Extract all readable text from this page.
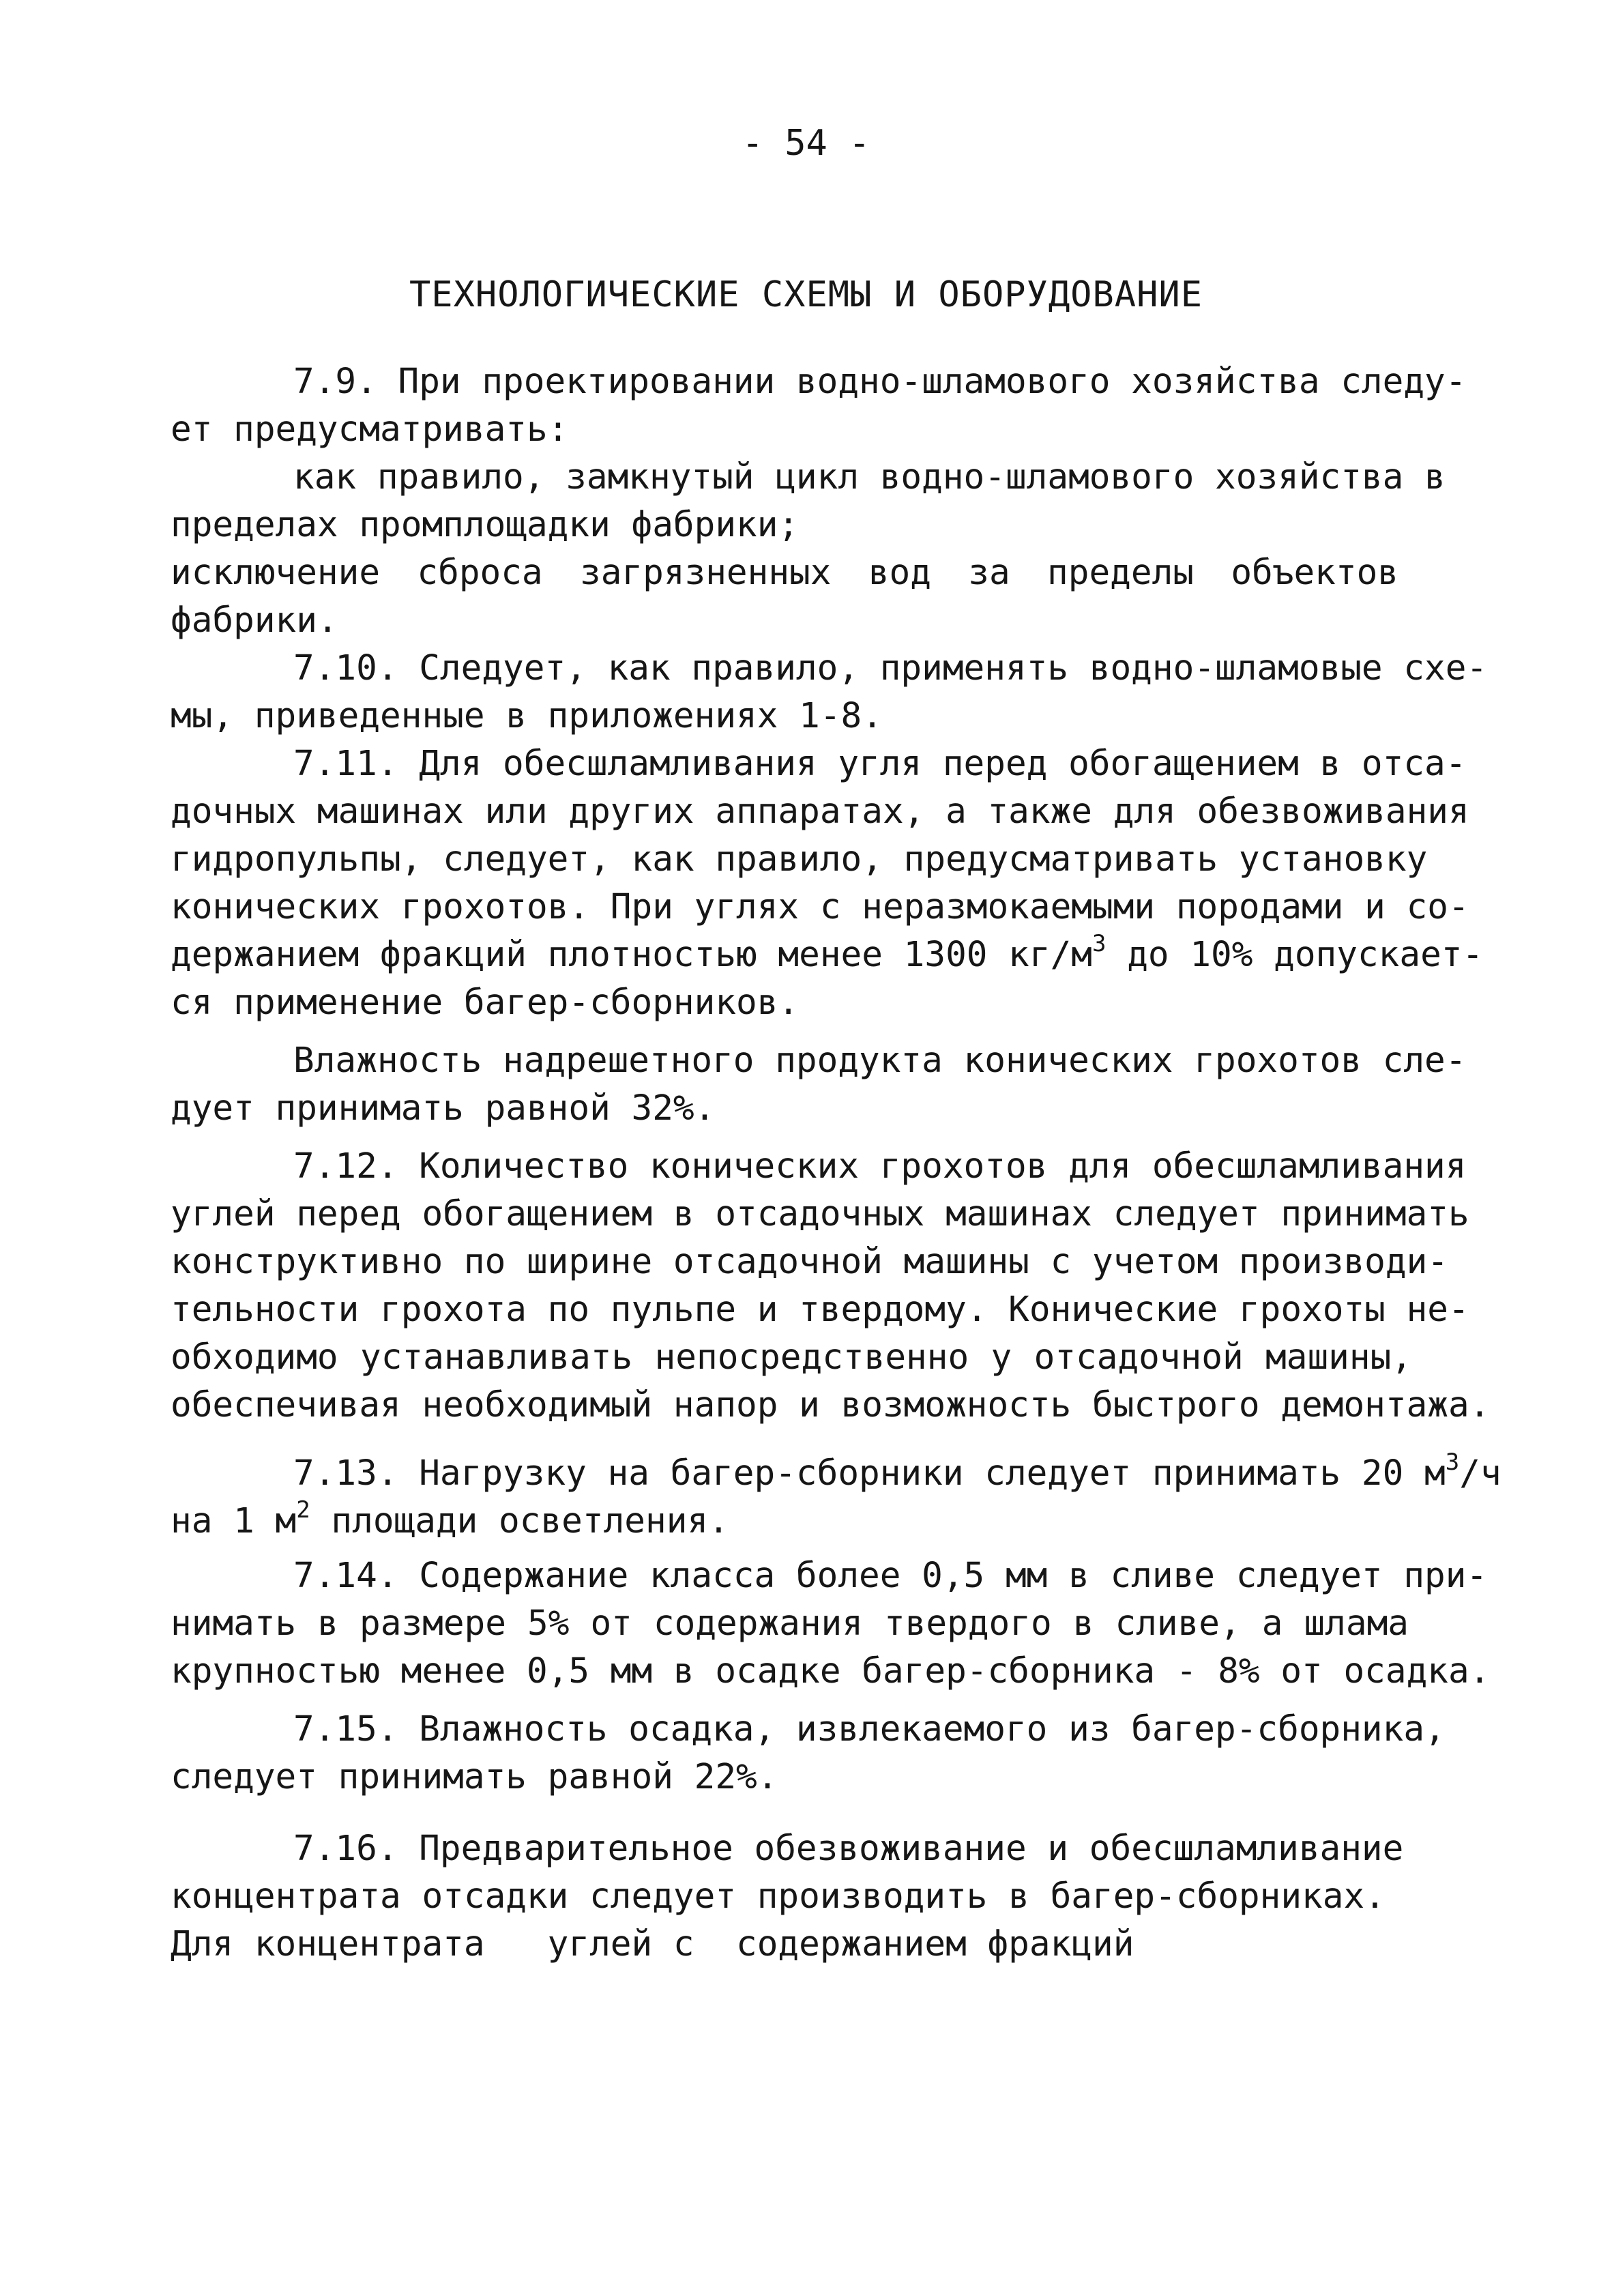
- 54 -
ТЕХНОЛОГИЧЕСКИЕ СХЕМЫ И ОБОРУДОВАНИЕ
7.9. При проектировании водно-шламового хозяйства следу-
ет предусматривать:
как правило, замкнутый цикл водно-шламового хозяйства в
пределах промплощадки фабрики;
исключение сброса загрязненных вод за пределы объектов
фабрики.
7.10. Следует, как правило, применять водно-шламовые схе-
мы, приведенные в приложениях 1-8.
7.11. Для обесшламливания угля перед обогащением в отса-
дочных машинах или других аппаратах, а также для обезвоживания
гидропульпы, следует, как правило, предусматривать установку
конических грохотов. При углях с неразмокаемыми породами и со-
держанием фракций плотностью менее 1300 $кг/м^3$ до 10% допускает-
ся применение багер-сборников.
Влажность надрешетного продукта конических грохотов сле-
дует принимать равной 32%.
7.12. Количество конических грохотов для обесшламливания
углей перед обогащением в отсадочных машинах следует принимать
конструктивно по ширине отсадочной машины с учетом производи-
тельности грохота по пульпе и твердому. Конические грохоты не-
обходимо устанавливать непосредственно у отсадочной машины,
обеспечивая необходимый напор и возможность быстрого демонтажа.
7.13. Нагрузку на багер-сборники следует принимать 20 $м^3/ч$
на 1 $м^2$ площади осветления.
7.14. Содержание класса более 0,5 мм в сливе следует при-
нимать в размере 5% от содержания твердого в сливе, а шлама
крупностью менее 0,5 мм в осадке багер-сборника - 8% от осадка.
7.15. Влажность осадка, извлекаемого из багер-сборника,
следует принимать равной 22%.
7.16. Предварительное обезвоживание и обесшламливание
концентрата отсадки следует производить в багер-сборниках.
Для концентрата   углей с  содержанием фракций
